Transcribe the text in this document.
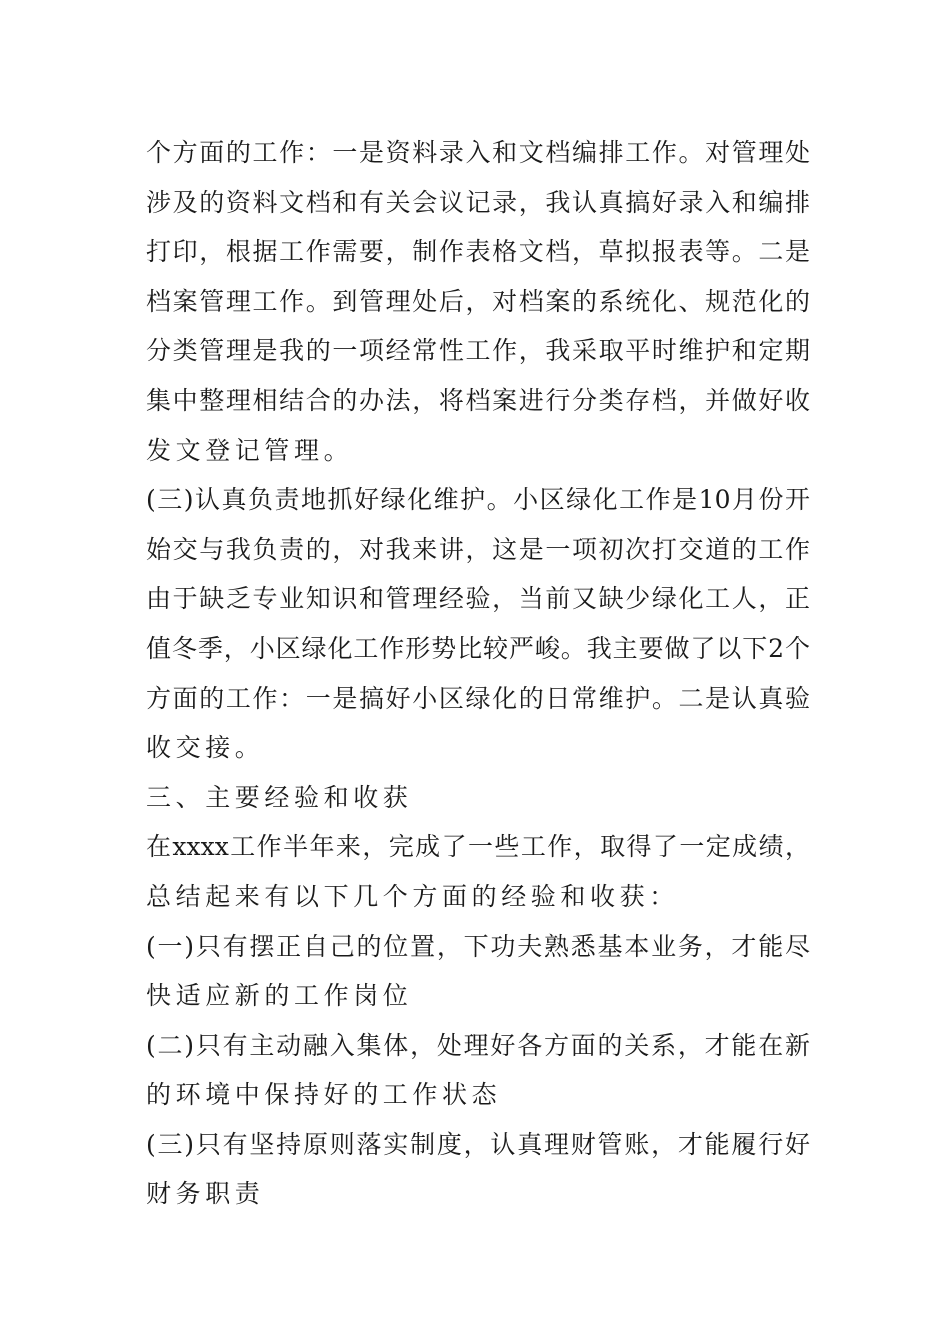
个方面的工作：一是资料录入和文档编排工作。对管理处
涉及的资料文档和有关会议记录，我认真搞好录入和编排
打印，根据工作需要，制作表格文档，草拟报表等。二是
档案管理工作。到管理处后，对档案的系统化、规范化的
分类管理是我的一项经常性工作，我采取平时维护和定期
集中整理相结合的办法，将档案进行分类存档，并做好收
发文登记管理。
(三)认真负责地抓好绿化维护。小区绿化工作是10月份开
始交与我负责的，对我来讲，这是一项初次打交道的工作
由于缺乏专业知识和管理经验，当前又缺少绿化工人，正
值冬季，小区绿化工作形势比较严峻。我主要做了以下2个
方面的工作：一是搞好小区绿化的日常维护。二是认真验
收交接。
三、主要经验和收获
在xxxx工作半年来，完成了一些工作，取得了一定成绩，
总结起来有以下几个方面的经验和收获：
(一)只有摆正自己的位置，下功夫熟悉基本业务，才能尽
快适应新的工作岗位
(二)只有主动融入集体，处理好各方面的关系，才能在新
的环境中保持好的工作状态
(三)只有坚持原则落实制度，认真理财管账，才能履行好
财务职责
